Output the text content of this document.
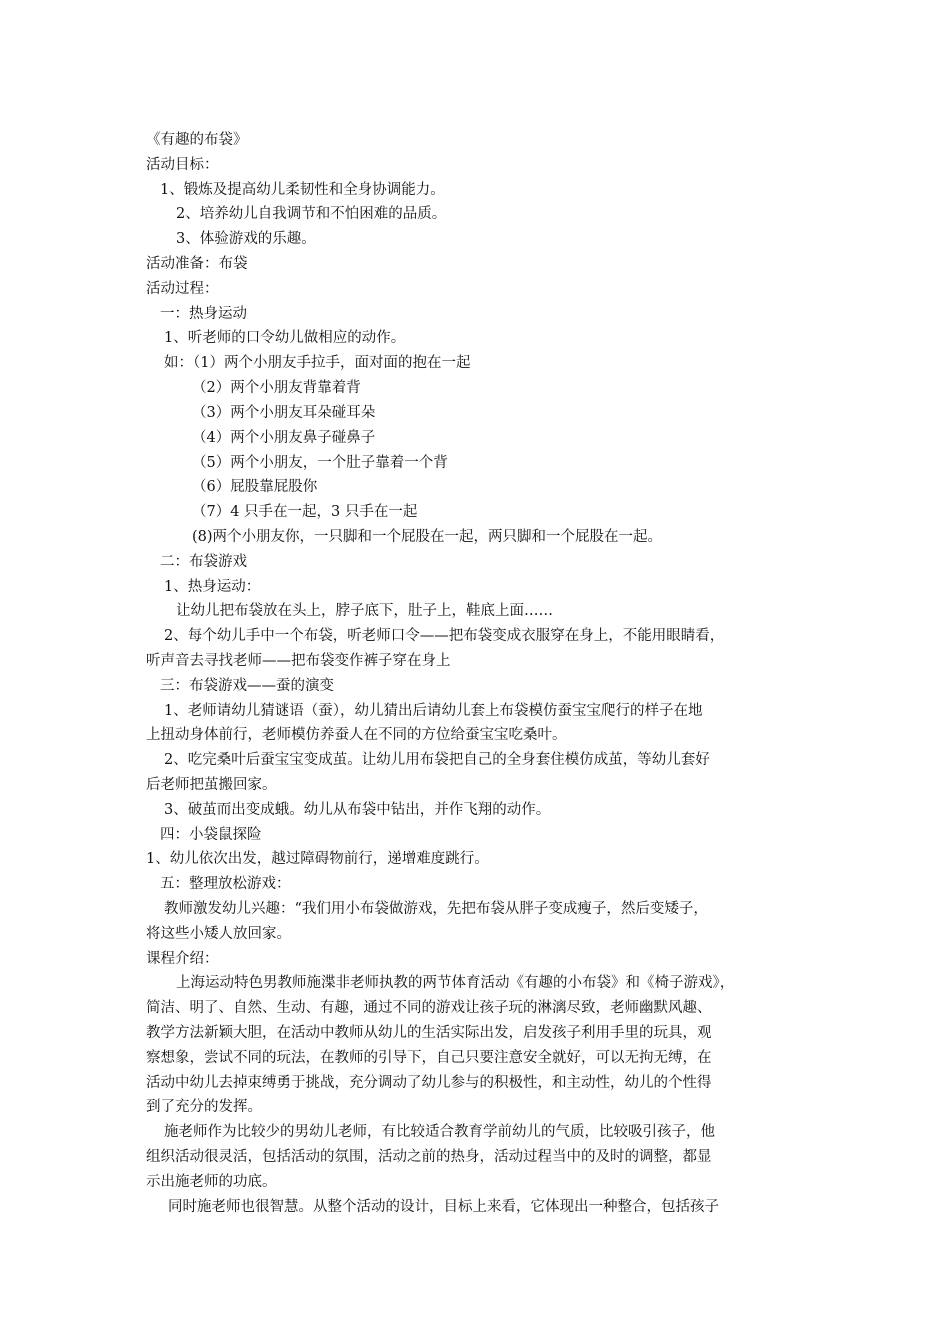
《有趣的布袋》
活动目标：
1、锻炼及提高幼儿柔韧性和全身协调能力。
2、培养幼儿自我调节和不怕困难的品质。
3、体验游戏的乐趣。
活动准备：布袋
活动过程：
一：热身运动
1、听老师的口令幼儿做相应的动作。
如：（1）两个小朋友手拉手，面对面的抱在一起
（2）两个小朋友背靠着背
（3）两个小朋友耳朵碰耳朵
（4）两个小朋友鼻子碰鼻子
（5）两个小朋友，一个肚子靠着一个背
（6）屁股靠屁股你
（7）4 只手在一起，3 只手在一起
(8)两个小朋友你，一只脚和一个屁股在一起，两只脚和一个屁股在一起。
二：布袋游戏
1、热身运动：
让幼儿把布袋放在头上，脖子底下，肚子上，鞋底上面……
2、每个幼儿手中一个布袋，听老师口令——把布袋变成衣服穿在身上，不能用眼睛看，
听声音去寻找老师——把布袋变作裤子穿在身上
三：布袋游戏——蚕的演变
1、老师请幼儿猜谜语（蚕），幼儿猜出后请幼儿套上布袋模仿蚕宝宝爬行的样子在地
上扭动身体前行，老师模仿养蚕人在不同的方位给蚕宝宝吃桑叶。
2、吃完桑叶后蚕宝宝变成茧。让幼儿用布袋把自己的全身套住模仿成茧，等幼儿套好
后老师把茧搬回家。
3、破茧而出变成蛾。幼儿从布袋中钻出，并作飞翔的动作。
四：小袋鼠探险
1、幼儿依次出发，越过障碍物前行，递增难度跳行。
五：整理放松游戏：
教师激发幼儿兴趣：“我们用小布袋做游戏，先把布袋从胖子变成瘦子，然后变矮子，
将这些小矮人放回家。
课程介绍：
上海运动特色男教师施渫非老师执教的两节体育活动《有趣的小布袋》和《椅子游戏》，
简洁、明了、自然、生动、有趣，通过不同的游戏让孩子玩的淋漓尽致，老师幽默风趣、
教学方法新颖大胆，在活动中教师从幼儿的生活实际出发，启发孩子利用手里的玩具，观
察想象，尝试不同的玩法，在教师的引导下，自己只要注意安全就好，可以无拘无缚，在
活动中幼儿去掉束缚勇于挑战，充分调动了幼儿参与的积极性，和主动性，幼儿的个性得
到了充分的发挥。
施老师作为比较少的男幼儿老师，有比较适合教育学前幼儿的气质，比较吸引孩子，他
组织活动很灵活，包括活动的氛围，活动之前的热身，活动过程当中的及时的调整，都显
示出施老师的功底。
同时施老师也很智慧。从整个活动的设计，目标上来看，它体现出一种整合，包括孩子
